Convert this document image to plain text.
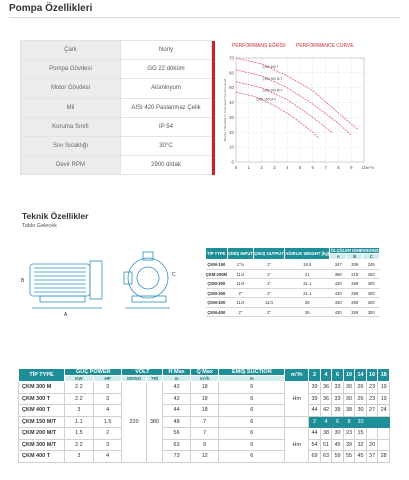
Pompa Özellikleri
Çark	Norly	
Pompa Gövdesi	GG 22 döküm	
Motor Gövdesi	Alüminyum	
Mil	AISI 420 Paslanmaz Çelik	
Koruma Sınıfı	IP 54	
Sıvı Sıcaklığı	30°C	
Devir RPM	2900 d/dak	
PERFORMANS EĞRİSİ PERFORMANCE CURVE
0 1 2 3 4 5 6 7 8 9 10
0
10
20
30
40
50
60
70
m³/h
Basma Yüksekliği m Total Head Dynamic Head
ÇKM 400 T
ÇKM 300 M-T
ÇKM 200 M-T
ÇKM 150 M-T
Teknik Özellikler
Tablo Gelecek
A
B
C
TİP TYPE	GİRİŞ INPUT	ÇIKIŞ OUTPUT	AĞIRLIK WEIGHT (kg)	ÖLÇÜLER DIMENSIONS		
				A	B	C
ÇKM-150	1"¼	1"	18.5	347	209	245
ÇKM-200M	11/4	1"	21	368	218	250
ÇKM-300	11/4	1"	31.1	430	259	300
ÇKM-300	2"	2"	31.1	430	259	300
ÇKM-400	11/4	11/4	36	430	259	300
ÇKM-400	2"	2"	36	430	259	300
TİP TYPE	GÜÇ POWER		VOLT		H Max	Q Max	EMİŞ SUCTION	m³/h	2	4	6	10	14	16	18
	KW	HP	MONO	TRİ	m	m³/h	m								
ÇKM 300 M	2.2	3	220	380	42	18	6	Hm	39	36	33	30	26	23	19
ÇKM 300 T	2.2	3			42	18	6		39	36	33	30	26	23	19
ÇKM 400 T	3	4			44	18	6		44	42	39	38	30	27	24
ÇKM 150 M/T	1.1	1.5			48	7	6		2	4	6	8	10		
ÇKM 200 M/T	1.5	2			56	7	6	Hm	44	38	30	23	15		
ÇKM 300 M/T	2.2	3			63	9	6		54	51	45	39	32	20	
ÇKM 400 T	3	4			73	12	6		69	63	59	55	45	37	28
